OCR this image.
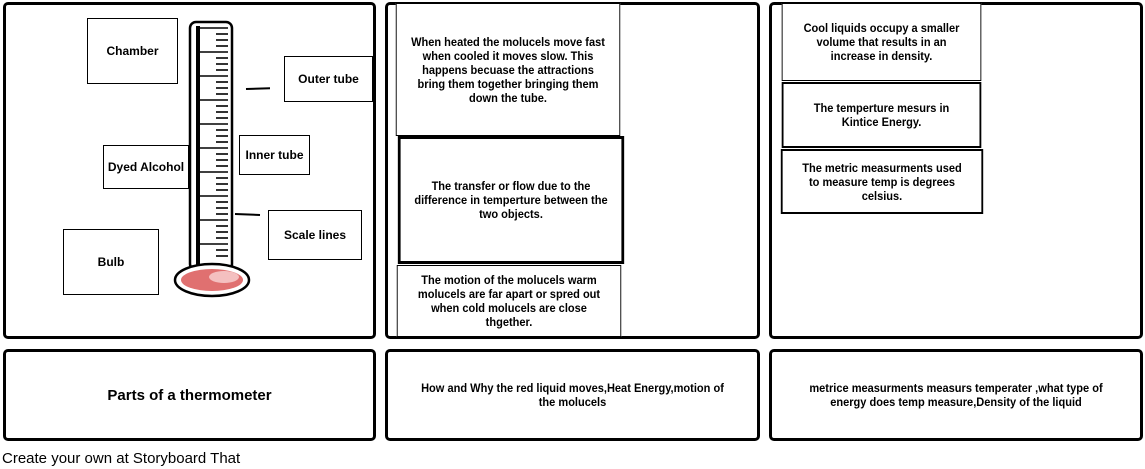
Chamber
Outer tube
Dyed Alcohol
Inner tube
Scale lines
Bulb
When heated the molucels move fast when cooled it moves slow. This happens becuase the attractions bring them together bringing them down the tube.
The transfer or flow due to the difference in temperture between the two objects.
The motion of the molucels warm molucels are far apart or spred out when cold molucels are close thgether.
Cool liquids occupy a smaller volume that results in an increase in density.
The temperture mesurs in Kintice Energy.
The metric measurments used to measure temp is degrees celsius.
Parts of a thermometer	How and Why the red liquid moves,Heat Energy,motion of the molucels
metrice measurments measurs temperater ,what type of energy does temp measure,Density of the liquid
Create your own at Storyboard That
